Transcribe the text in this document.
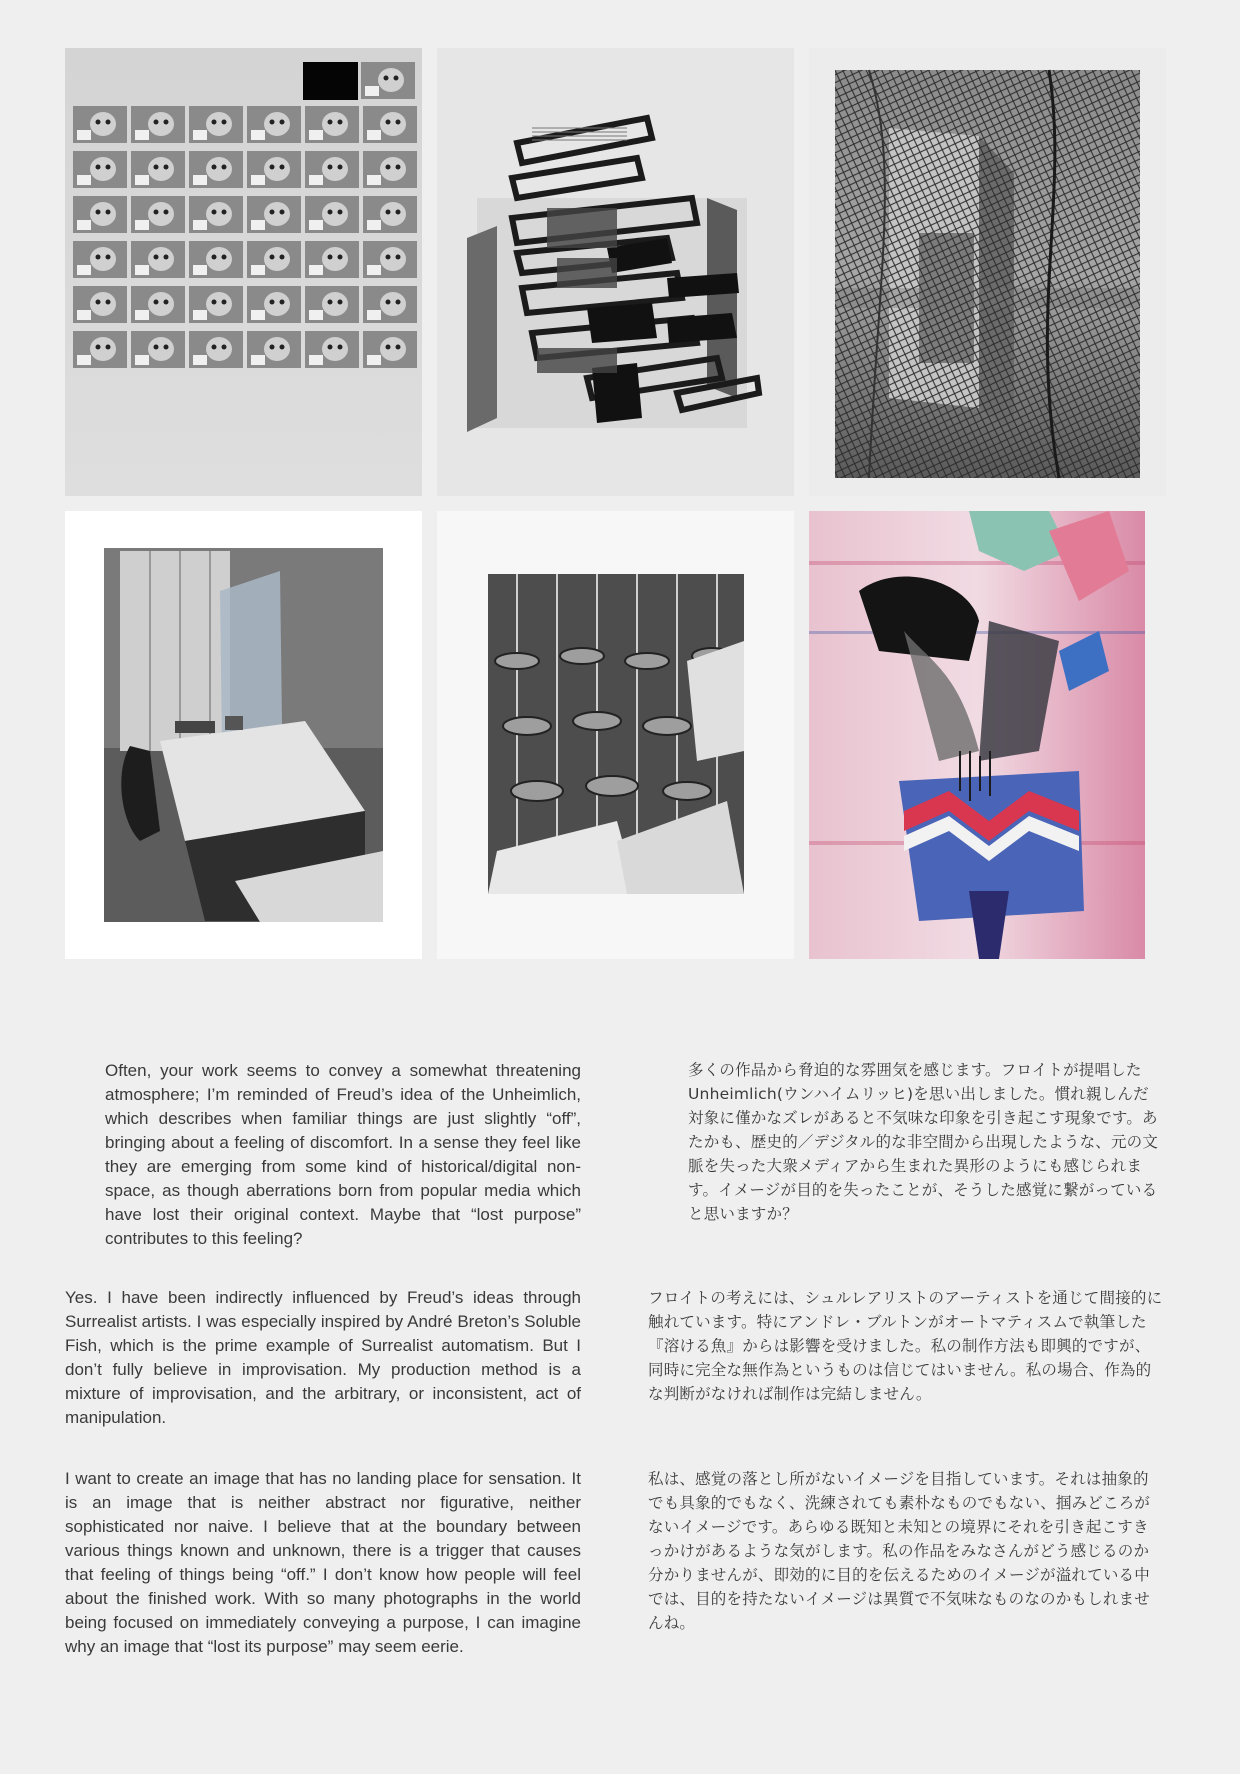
Often, your work seems to convey a somewhat threatening atmosphere; I’m reminded of Freud’s idea of the Unheimlich, which describes when familiar things are just slightly “off”, bringing about a feeling of discomfort. In a sense they feel like they are emerging from some kind of historical/digital non-space, as though aberrations born from popular media which have lost their original context. Maybe that “lost purpose” contributes to this feeling?
多くの作品から脅迫的な雰囲気を感じます。フロイトが提唱したUnheimlich(ウンハイムリッヒ)を思い出しました。慣れ親しんだ対象に僅かなズレがあると不気味な印象を引き起こす現象です。あたかも、歴史的／デジタル的な非空間から出現したような、元の文脈を失った大衆メディアから生まれた異形のようにも感じられます。イメージが目的を失ったことが、そうした感覚に繋がっていると思いますか？
Yes. I have been indirectly influenced by Freud’s ideas through Surrealist artists. I was especially inspired by André Breton’s Soluble Fish, which is the prime example of Surrealist automatism. But I don’t fully believe in improvisation. My production method is a mixture of improvisation, and the arbitrary, or inconsistent, act of manipulation.
フロイトの考えには、シュルレアリストのアーティストを通じて間接的に触れています。特にアンドレ・ブルトンがオートマティスムで執筆した『溶ける魚』からは影響を受けました。私の制作方法も即興的ですが、同時に完全な無作為というものは信じてはいません。私の場合、作為的な判断がなければ制作は完結しません。
I want to create an image that has no landing place for sensation. It is an image that is neither abstract nor figurative, neither sophisticated nor naive. I believe that at the boundary between various things known and unknown, there is a trigger that causes that feeling of things being “off.” I don’t know how people will feel about the finished work. With so many photographs in the world being focused on immediately conveying a purpose, I can imagine why an image that “lost its purpose” may seem eerie.
私は、感覚の落とし所がないイメージを目指しています。それは抽象的でも具象的でもなく、洗練されても素朴なものでもない、掴みどころがないイメージです。あらゆる既知と未知との境界にそれを引き起こすきっかけがあるような気がします。私の作品をみなさんがどう感じるのか分かりませんが、即効的に目的を伝えるためのイメージが溢れている中では、目的を持たないイメージは異質で不気味なものなのかもしれませんね。
